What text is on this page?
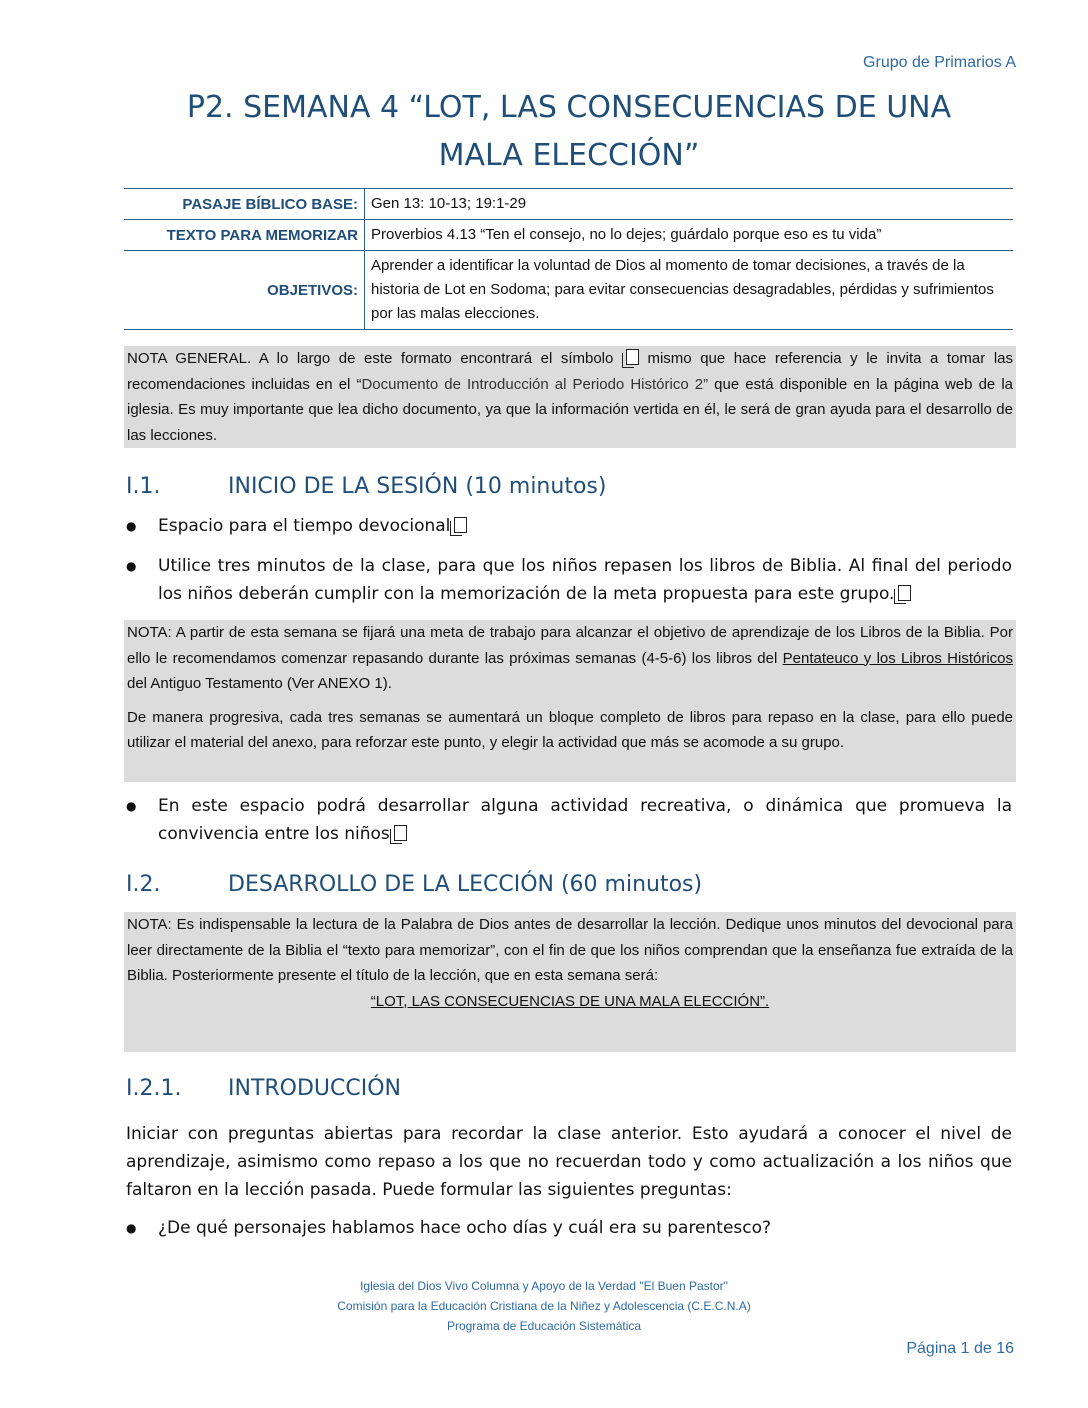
Grupo de Primarios A
P2. SEMANA 4 “LOT, LAS CONSECUENCIAS DE UNA
MALA ELECCIÓN”
PASAJE BÍBLICO BASE:	Gen 13: 10-13; 19:1-29
TEXTO PARA MEMORIZAR	Proverbios 4.13 “Ten el consejo, no lo dejes; guárdalo porque eso es tu vida”
OBJETIVOS:	Aprender a identificar la voluntad de Dios al momento de tomar decisiones, a través de la historia de Lot en Sodoma; para evitar consecuencias desagradables, pérdidas y sufrimientos por las malas elecciones.
NOTA GENERAL. A lo largo de este formato encontrará el símbolo mismo que hace referencia y le invita a tomar las recomendaciones incluidas en el “Documento de Introducción al Periodo Histórico 2” que está disponible en la página web de la iglesia. Es muy importante que lea dicho documento, ya que la información vertida en él, le será de gran ayuda para el desarrollo de las lecciones.
I.1.	INICIO DE LA SESIÓN (10 minutos)
● Espacio para el tiempo devocional
● Utilice tres minutos de la clase, para que los niños repasen los libros de Biblia. Al final del periodo los niños deberán cumplir con la memorización de la meta propuesta para este grupo.
NOTA: A partir de esta semana se fijará una meta de trabajo para alcanzar el objetivo de aprendizaje de los Libros de la Biblia. Por ello le recomendamos comenzar repasando durante las próximas semanas (4-5-6) los libros del Pentateuco y los Libros Históricos del Antiguo Testamento (Ver ANEXO 1).
De manera progresiva, cada tres semanas se aumentará un bloque completo de libros para repaso en la clase, para ello puede utilizar el material del anexo, para reforzar este punto, y elegir la actividad que más se acomode a su grupo.
● En este espacio podrá desarrollar alguna actividad recreativa, o dinámica que promueva la convivencia entre los niños
I.2.	DESARROLLO DE LA LECCIÓN (60 minutos)
NOTA: Es indispensable la lectura de la Palabra de Dios antes de desarrollar la lección. Dedique unos minutos del devocional para leer directamente de la Biblia el “texto para memorizar”, con el fin de que los niños comprendan que la enseñanza fue extraída de la Biblia. Posteriormente presente el título de la lección, que en esta semana será:
“LOT, LAS CONSECUENCIAS DE UNA MALA ELECCIÓN”.
I.2.1. INTRODUCCIÓN
Iniciar con preguntas abiertas para recordar la clase anterior. Esto ayudará a conocer el nivel de aprendizaje, asimismo como repaso a los que no recuerdan todo y como actualización a los niños que faltaron en la lección pasada. Puede formular las siguientes preguntas:
● ¿De qué personajes hablamos hace ocho días y cuál era su parentesco?
Iglesia del Dios Vivo Columna y Apoyo de la Verdad "El Buen Pastor"
Comisión para la Educación Cristiana de la Niñez y Adolescencia (C.E.C.N.A)
Programa de Educación Sistemática
Página 1 de 16
